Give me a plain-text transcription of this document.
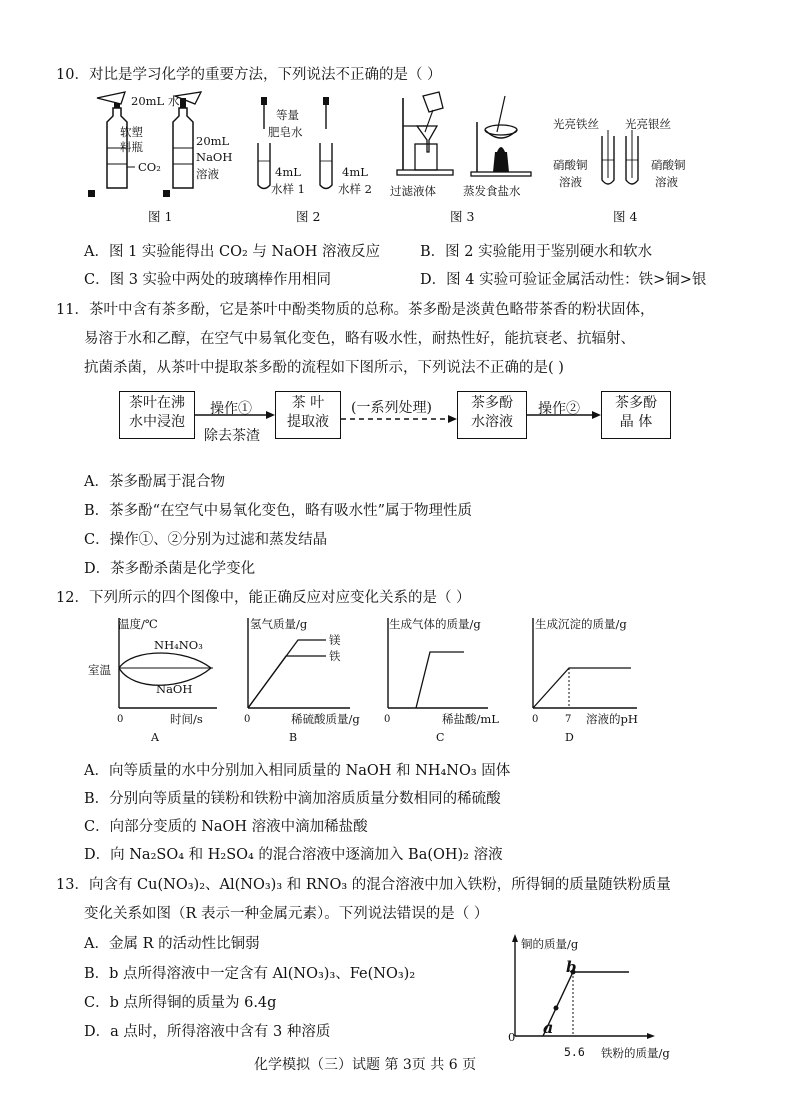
10．对比是学习化学的重要方法，下列说法不正确的是（ ）
20mL 水
软塑
料瓶
CO₂
20mL
NaOH
溶液
图 1
等量
肥皂水
4mL
水样 1
4mL
水样 2
图 2
过滤液体 蒸发食盐水
图 3
光亮铁丝 光亮银丝
硝酸铜
溶液
硝酸铜
溶液
图 4
A．图 1 实验能得出 CO₂ 与 NaOH 溶液反应	B．图 2 实验能用于鉴别硬水和软水
C．图 3 实验中两处的玻璃棒作用相同	D．图 4 实验可验证金属活动性：铁>铜>银
11．茶叶中含有茶多酚，它是茶叶中酚类物质的总称。茶多酚是淡黄色略带茶香的粉状固体，
易溶于水和乙醇，在空气中易氧化变色，略有吸水性，耐热性好，能抗衰老、抗辐射、
抗菌杀菌，从茶叶中提取茶多酚的流程如下图所示，下列说法不正确的是( )
茶叶在沸
水中浸泡
操作①
除去茶渣
茶 叶
提取液
(一系列处理)	茶多酚
水溶液
操作②	茶多酚
晶 体
A．茶多酚属于混合物
B．茶多酚“在空气中易氧化变色，略有吸水性”属于物理性质
C．操作①、②分别为过滤和蒸发结晶
D．茶多酚杀菌是化学变化
12．下列所示的四个图像中，能正确反应对应变化关系的是（ ）
0
A
温度/℃
室温
NH₄NO₃
NaOH
时间/s	0
B
氢气质量/g
镁
铁
稀硫酸质量/g 0
C
生成气体的质量/g
稀盐酸/mL	0	7
D
生成沉淀的质量/g
溶液的pH
A．向等质量的水中分别加入相同质量的 NaOH 和 NH₄NO₃ 固体
B．分别向等质量的镁粉和铁粉中滴加溶质质量分数相同的稀硫酸
C．向部分变质的 NaOH 溶液中滴加稀盐酸
D．向 Na₂SO₄ 和 H₂SO₄ 的混合溶液中逐滴加入 Ba(OH)₂ 溶液
13．向含有 Cu(NO₃)₂、Al(NO₃)₃ 和 RNO₃ 的混合溶液中加入铁粉，所得铜的质量随铁粉质量
变化关系如图（R 表示一种金属元素）。下列说法错误的是（ ）
A．金属 R 的活动性比铜弱
B．b 点所得溶液中一定含有 Al(NO₃)₃、Fe(NO₃)₂
C．b 点所得铜的质量为 6.4g
D．a 点时，所得溶液中含有 3 种溶质
铜的质量/g
b
a
0
5.6 铁粉的质量/g
化学模拟（三）试题 第 3页 共 6 页
